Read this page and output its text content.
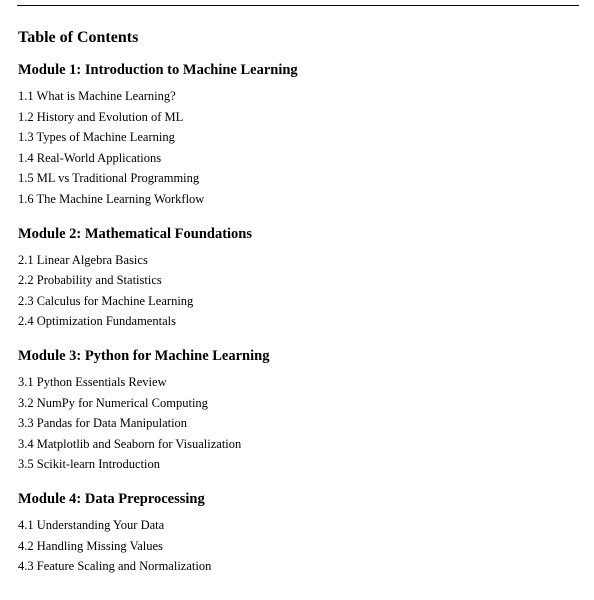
Table of Contents
Module 1: Introduction to Machine Learning
1.1 What is Machine Learning?
1.2 History and Evolution of ML
1.3 Types of Machine Learning
1.4 Real-World Applications
1.5 ML vs Traditional Programming
1.6 The Machine Learning Workflow
Module 2: Mathematical Foundations
2.1 Linear Algebra Basics
2.2 Probability and Statistics
2.3 Calculus for Machine Learning
2.4 Optimization Fundamentals
Module 3: Python for Machine Learning
3.1 Python Essentials Review
3.2 NumPy for Numerical Computing
3.3 Pandas for Data Manipulation
3.4 Matplotlib and Seaborn for Visualization
3.5 Scikit-learn Introduction
Module 4: Data Preprocessing
4.1 Understanding Your Data
4.2 Handling Missing Values
4.3 Feature Scaling and Normalization
